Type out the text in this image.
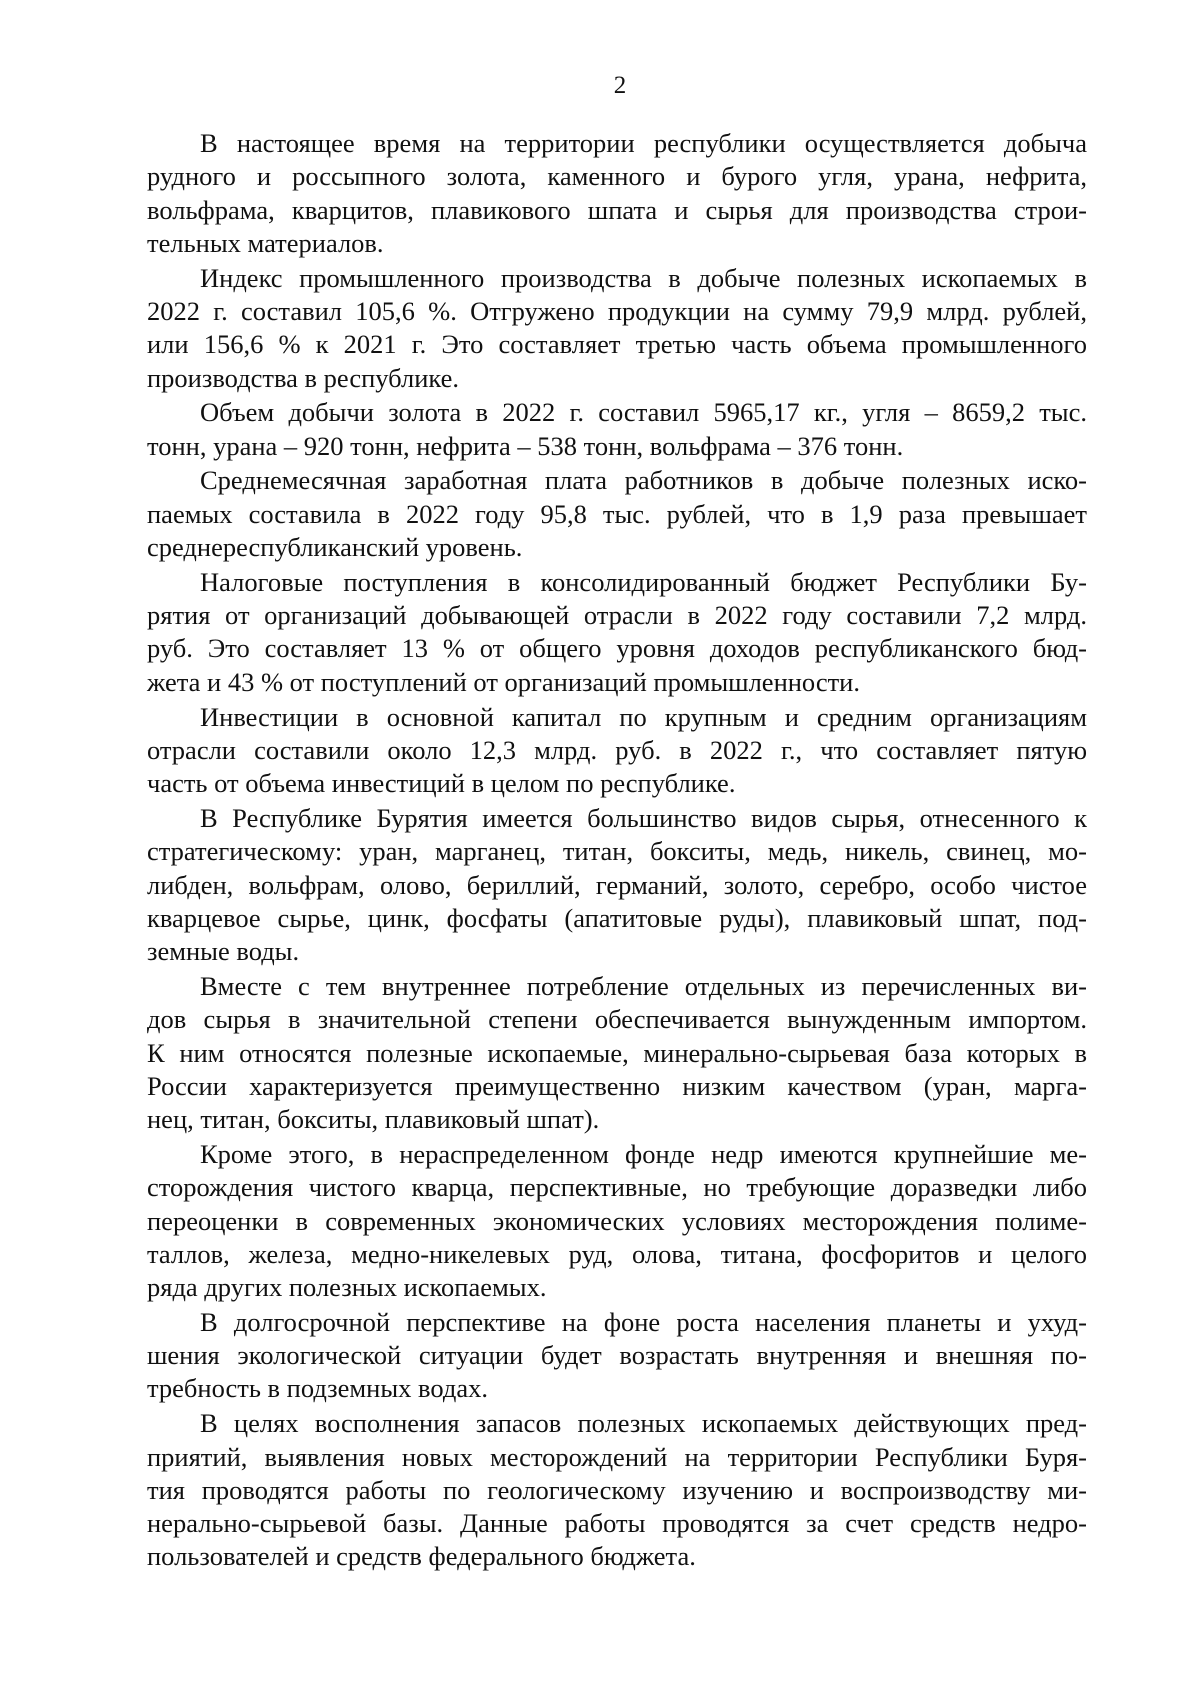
2
В настоящее время на территории республики осуществляется добыча
рудного и россыпного золота, каменного и бурого угля, урана, нефрита,
вольфрама, кварцитов, плавикового шпата и сырья для производства строи-
тельных материалов.
Индекс промышленного производства в добыче полезных ископаемых в
2022 г. составил 105,6 %. Отгружено продукции на сумму 79,9 млрд. рублей,
или 156,6 % к 2021 г. Это составляет третью часть объема промышленного
производства в республике.
Объем добычи золота в 2022 г. составил 5965,17 кг., угля – 8659,2 тыс.
тонн, урана – 920 тонн, нефрита – 538 тонн, вольфрама – 376 тонн.
Среднемесячная заработная плата работников в добыче полезных иско-
паемых составила в 2022 году 95,8 тыс. рублей, что в 1,9 раза превышает
среднереспубликанский уровень.
Налоговые поступления в консолидированный бюджет Республики Бу-
рятия от организаций добывающей отрасли в 2022 году составили 7,2 млрд.
руб. Это составляет 13 % от общего уровня доходов республиканского бюд-
жета и 43 % от поступлений от организаций промышленности.
Инвестиции в основной капитал по крупным и средним организациям
отрасли составили около 12,3 млрд. руб. в 2022 г., что составляет пятую
часть от объема инвестиций в целом по республике.
В Республике Бурятия имеется большинство видов сырья, отнесенного к
стратегическому: уран, марганец, титан, бокситы, медь, никель, свинец, мо-
либден, вольфрам, олово, бериллий, германий, золото, серебро, особо чистое
кварцевое сырье, цинк, фосфаты (апатитовые руды), плавиковый шпат, под-
земные воды.
Вместе с тем внутреннее потребление отдельных из перечисленных ви-
дов сырья в значительной степени обеспечивается вынужденным импортом.
К ним относятся полезные ископаемые, минерально-сырьевая база которых в
России характеризуется преимущественно низким качеством (уран, марга-
нец, титан, бокситы, плавиковый шпат).
Кроме этого, в нераспределенном фонде недр имеются крупнейшие ме-
сторождения чистого кварца, перспективные, но требующие доразведки либо
переоценки в современных экономических условиях месторождения полиме-
таллов, железа, медно-никелевых руд, олова, титана, фосфоритов и целого
ряда других полезных ископаемых.
В долгосрочной перспективе на фоне роста населения планеты и ухуд-
шения экологической ситуации будет возрастать внутренняя и внешняя по-
требность в подземных водах.
В целях восполнения запасов полезных ископаемых действующих пред-
приятий, выявления новых месторождений на территории Республики Буря-
тия проводятся работы по геологическому изучению и воспроизводству ми-
нерально-сырьевой базы. Данные работы проводятся за счет средств недро-
пользователей и средств федерального бюджета.
